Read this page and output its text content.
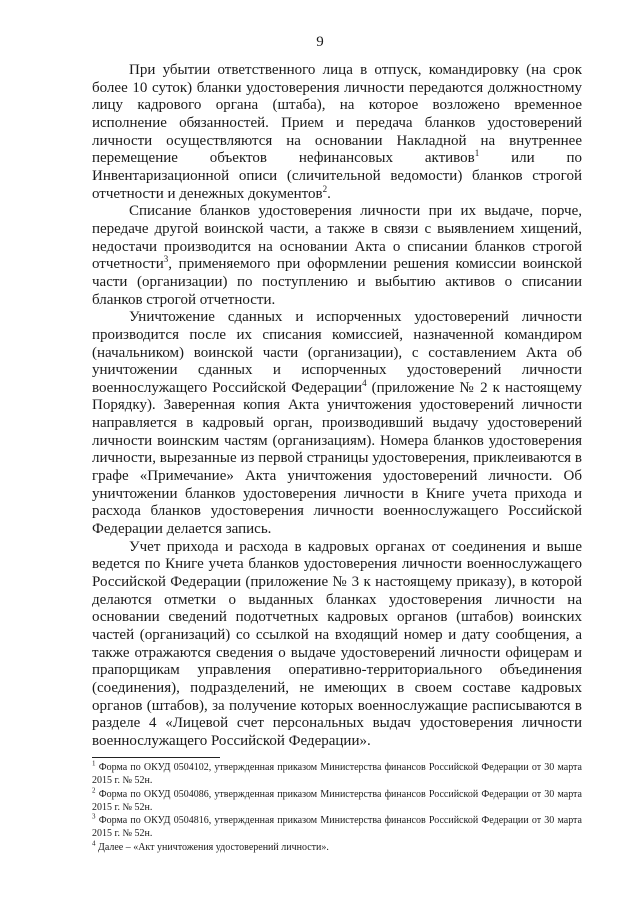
9

При убытии ответственного лица в отпуск, командировку (на срок более 10 суток) бланки удостоверения личности передаются должностному лицу кадрового органа (штаба), на которое возложено временное исполнение обязанностей. Прием и передача бланков удостоверений личности осуществляются на основании Накладной на внутреннее перемещение объектов нефинансовых активов$^1$ или по Инвентаризационной описи (сличительной ведомости) бланков строгой отчетности и денежных документов$^2$.

Списание бланков удостоверения личности при их выдаче, порче, передаче другой воинской части, а также в связи с выявлением хищений, недостачи производится на основании Акта о списании бланков строгой отчетности$^3$, применяемого при оформлении решения комиссии воинской части (организации) по поступлению и выбытию активов о списании бланков строгой отчетности.

Уничтожение сданных и испорченных удостоверений личности производится после их списания комиссией, назначенной командиром (начальником) воинской части (организации), с составлением Акта об уничтожении сданных и испорченных удостоверений личности военнослужащего Российской Федерации$^4$ (приложение № 2 к настоящему Порядку). Заверенная копия Акта уничтожения удостоверений личности направляется в кадровый орган, производивший выдачу удостоверений личности воинским частям (организациям). Номера бланков удостоверения личности, вырезанные из первой страницы удостоверения, приклеиваются в графе «Примечание» Акта уничтожения удостоверений личности. Об уничтожении бланков удостоверения личности в Книге учета прихода и расхода бланков удостоверения личности военнослужащего Российской Федерации делается запись.

Учет прихода и расхода в кадровых органах от соединения и выше ведется по Книге учета бланков удостоверения личности военнослужащего Российской Федерации (приложение № 3 к настоящему приказу), в которой делаются отметки о выданных бланках удостоверения личности на основании сведений подотчетных кадровых органов (штабов) воинских частей (организаций) со ссылкой на входящий номер и дату сообщения, а также отражаются сведения о выдаче удостоверений личности офицерам и прапорщикам управления оперативно-территориального объединения (соединения), подразделений, не имеющих в своем составе кадровых органов (штабов), за получение которых военнослужащие расписываются в разделе 4 «Лицевой счет персональных выдач удостоверения личности военнослужащего Российской Федерации».

$^1$ Форма по ОКУД 0504102, утвержденная приказом Министерства финансов Российской Федерации от 30 марта 2015 г. № 52н.

$^2$ Форма по ОКУД 0504086, утвержденная приказом Министерства финансов Российской Федерации от 30 марта 2015 г. № 52н.

$^3$ Форма по ОКУД 0504816, утвержденная приказом Министерства финансов Российской Федерации от 30 марта 2015 г. № 52н.

$^4$ Далее – «Акт уничтожения удостоверений личности».
